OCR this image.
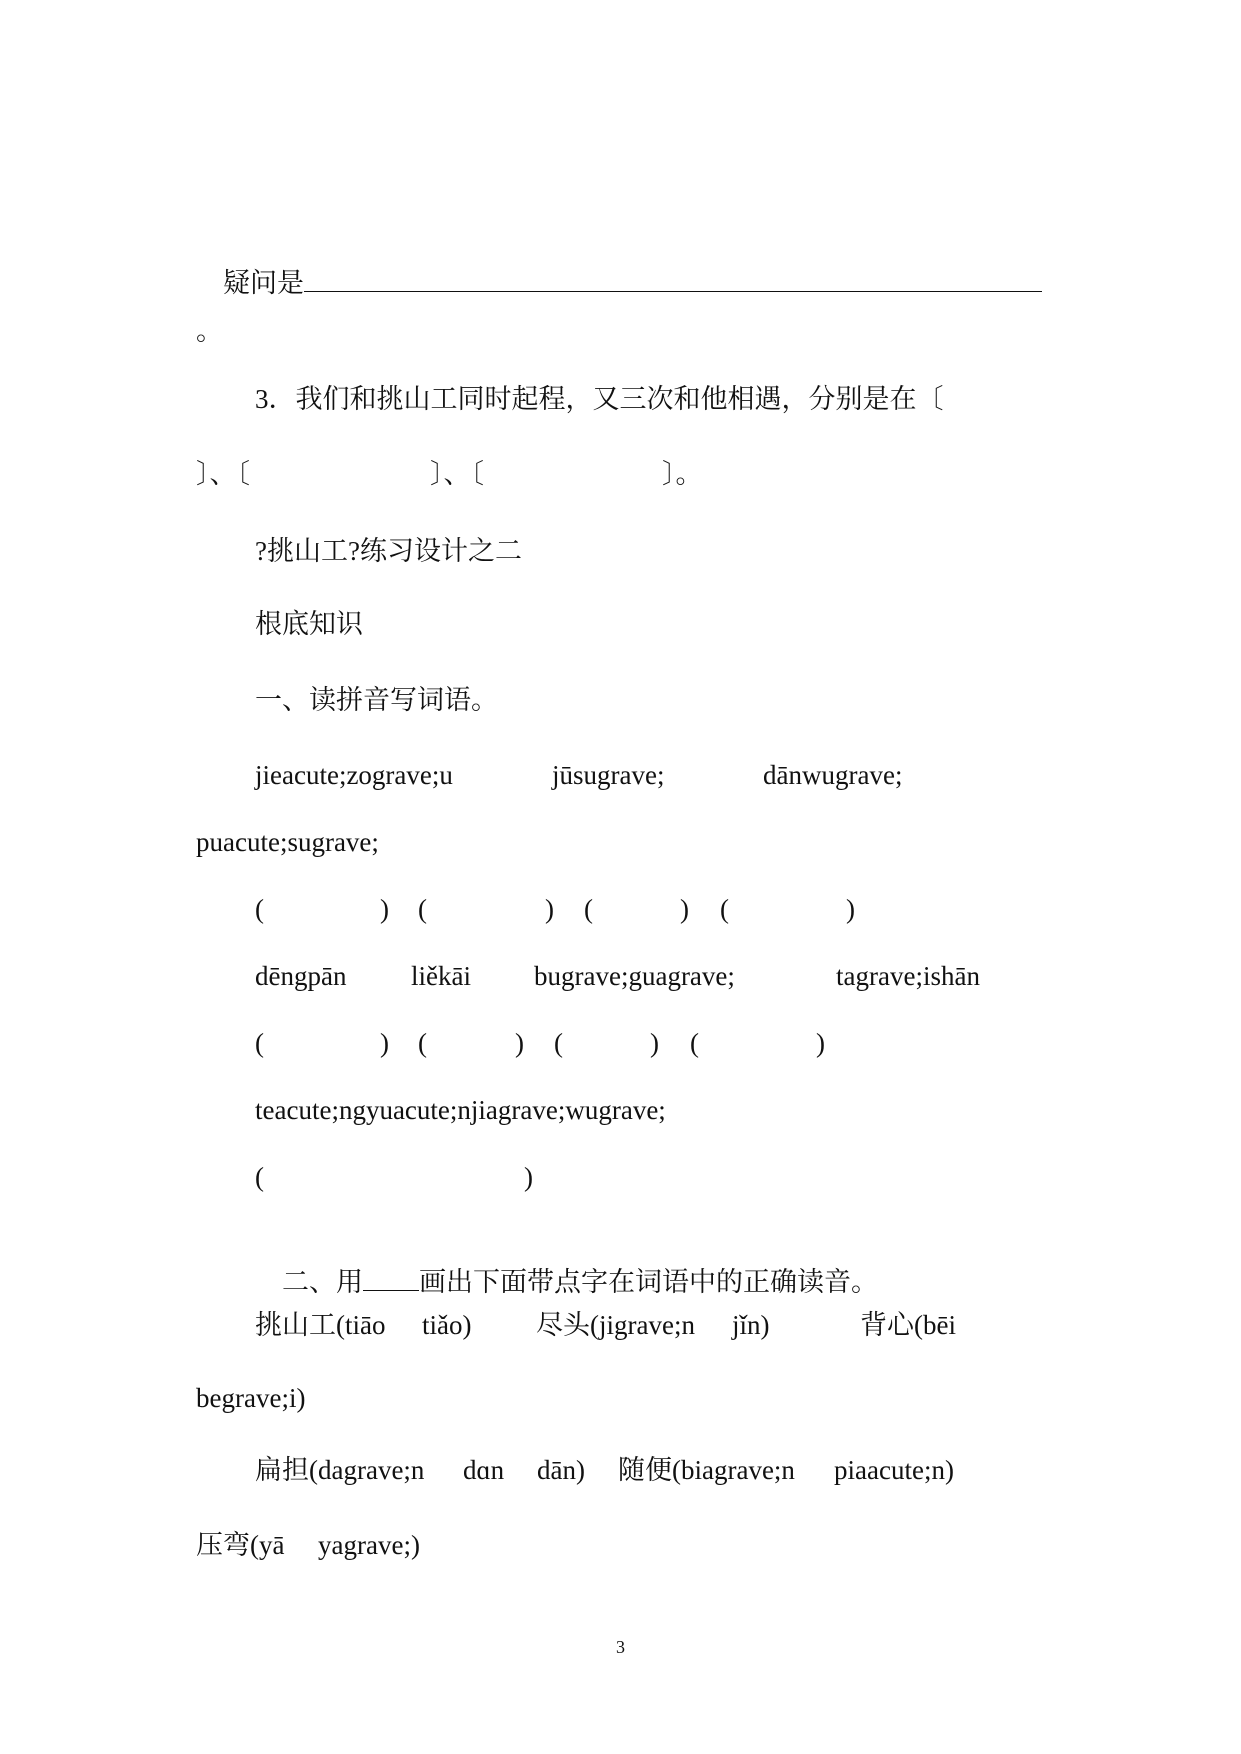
疑问是

。
3．我们和挑山工同时起程，又三次和他相遇，分别是在〔
〕、〔	〕、〔	〕。
?挑山工?练习设计之二
根底知识
一、读拼音写词语。
jieacute;zograve;u	jūsugrave;	dānwugrave;
puacute;sugrave;
(	) (	) (	) (	)
dēngpān liěkāi bugrave;guagrave;	tagrave;ishān
(	) (	) (	) (	)
teacute;ngyuacute;njiagrave;wugrave;
(	)

二、用 画出下面带点字在词语中的正确读音。

挑山工(tiāo tiǎo) 尽头(jigrave;n jǐn)	背心(bēi
begrave;i)
扁担(dagrave;n dɑn dān) 随便(biagrave;n piaacute;n)
压弯(yā yagrave;)
3
